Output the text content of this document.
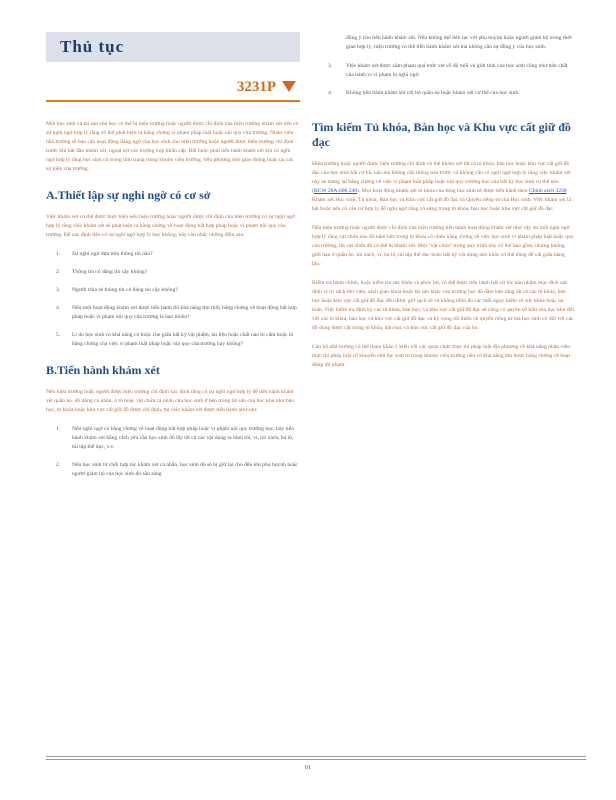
Thủ tục
3231P

Một học sinh và tài sản của học có thể bị hiệu trưởng hoặc người được chỉ định của hiệu trưởng khám xét nếu có sự nghi ngờ hợp lý rằng có thể phát hiện ra bằng chứng vi phạm pháp luật hoặc nội quy của trường. Nhân viên nhà trường sẽ báo cáo hoạt động đáng ngờ của học sinh cho hiệu trưởng hoặc người được hiệu trưởng chỉ định trước khi bắt đầu khám xét, ngoại trừ các trường hợp khẩn cấp. Bất buộc phải tiến hành khám xét khi có nghi ngờ hợp lý rằng học sinh có trong tình trạng trong khuôn viên trường, trên phương tiện giao thông hoặc tại các sự kiện của trường.

A.Thiết lập sự nghi ngờ có cơ sở

Việc khám xét có thể được thực hiện nếu hiệu trưởng hoặc người được chỉ định của hiệu trưởng có sự nghi ngờ hợp lý rằng việc khám xét sẽ phát hiện ra bằng chứng về hoạt động bất hợp pháp hoặc vi phạm nội quy của trường. Để xác định liệu có sự nghi ngờ hợp lý hay không, hãy cân nhắc những điều sau:

1.	Sự nghi ngờ dựa trên thông tin nào?
2.	Thông tin có đáng tin cậy không?
3.	Người chia sẻ thông tin có đáng tin cậy không?
4.	Nếu một hoạt động khám xét được tiến hành thì khả năng tìm thấy bằng chứng về hoạt động bất hợp pháp hoặc vi phạm nội quy của trường là bao nhiêu?
5.	Lí do học sinh có khả năng có hoặc che giấu bất kỳ vật phẩm, tài liệu hoặc chất nào bị cấm hoặc là bằng chứng của việc vi phạm luật pháp hoặc nội quy của trường hay không?
B.Tiến hành khám xét

Nếu hiệu trưởng hoặc người được hiệu trưởng chỉ định xác định rằng có sự nghi ngờ hợp lý để tiến hành khám xét quần áo, đồ dùng cá nhân, ô tô hoặc vật chứa cá nhân của học sinh ở bên trong tài sản của học khu như bàn học, tủ khóa hoặc khu vực cất giữ đồ được chỉ định, thì việc khám xét được tiến hành như sau:

1.	Nếu nghi ngờ có bằng chứng về hoạt động bất hợp pháp hoặc vi phạm nội quy trường học, hãy tiến hành khám xét bằng cách yêu cầu học sinh đó lấy tất cả các vật dụng ra khỏi túi, ví, túi xách, ba lô, túi tập thể dục, v.v.
2.	Nếu học sinh từ chối hợp tác khám xét cá nhân, học sinh đó sẽ bị giữ lại cho đến khi phụ huynh hoặc người giám hộ của học sinh đó sẵn sàng

đồng ý cho tiến hành khám xét. Nếu không thể liên lạc với phụ huynh hoặc người giám hộ trong thời gian hợp lý, hiệu trưởng có thể tiến hành khám xét mà không cần sự đồng ý của học sinh.

3.	Việc khám xét được xâm phạm quá mức xét về độ tuổi và giới tính của học sinh cũng như bản chất của hành vi vi phạm bị nghi ngờ.
4.	Không tiến hành khám xét cởi bỏ quần áo hoặc khám xét cơ thể của học sinh.
Tìm kiếm Tủ khóa, Bàn học và Khu vực cất giữ đồ đạc

Hiệu trưởng hoặc người được hiệu trưởng chỉ định có thể khám xét tất cả tủ khóa, bàn học hoặc khu vực cất giữ đồ đạc của học sinh bất cứ lúc nào mà không cần thông báo trước và không cần có nghi ngờ hợp lý rằng việc khám xét này sẽ mang lại bằng chứng về việc vi phạm luật pháp hoặc nội quy trường học của bất kỳ học sinh cụ thể nào (RCW 28A.600.240). Mọi hoạt động khám xét tủ khóa của từng học sinh sẽ được tiến hành theo Chính sách 3230 Khám xét Học sinh, Tủ khóa, Bàn học và Khu vực cất giữ đồ đạc và Quyền riêng tư của Học sinh. Việc khám xét là bắt buộc nếu có căn cứ hợp lý để nghi ngờ rằng có súng trong tủ khóa, bàn học hoặc khu vực cất giữ đồ đạc.

Nếu hiệu trưởng hoặc người được chỉ định của hiệu trưởng tiến hành hoạt động khám xét như vậy do mối nghi ngờ hợp lý rằng vật chứa nào đó nằm bên trong tủ khóa có chứa bằng chứng về việc học sinh vi phạm pháp luật hoặc quy của trường, thì vật chứa đó có thể bị khám xét. Một "vật chứa" trong quy trình này có thể bao gồm, nhưng không giới hạn ở quần áo, túi xách, ví, ba lô, túi tập thể dục hoặc bất kỳ vật dụng nào khác có thể dùng để cất giấu hàng lậu.

Kiểm tra hành chính, hoặc kiểm tra sức khỏe và phúc lợi, có thể được tiến hành bất cứ lúc nào nhằm mục đích xác định vị trí sách thư viện, sách giáo khoa hoặc tài sản khác của trường học đã đăm bảo rằng tất cả các tủ khóa, bàn học hoặc khu vực cất giữ đồ đạc đều được giữ sạch sẽ và không tiềm ẩn các mối nguy hiểm về sức khỏe hoặc an toàn. Việc kiểm tra định kỳ các tủ khóa, bàn học, và khu vực cất giữ đồ đạc sẽ cũng có quyền sở hữu của học khu đối với các tủ khóa, bàn học và khu vực cất giữ đồ đạc và kỳ vọng tối thiểu về quyền riêng tư mà học sinh có đối với các đồ dùng được cất trong tủ khóa, bàn học và khu vực cất giữ đồ đạc của họ.

Cán bộ nhà trường có thể tham khảo ý kiến với các quan chức thực thi pháp luật địa phương về khả năng nhân viên thực thi pháp luật cố khuyến nên lục soát tủ trong khuôn viên trường nếu có khả năng thu được bằng chứng về hoạt động tội phạm.

61
